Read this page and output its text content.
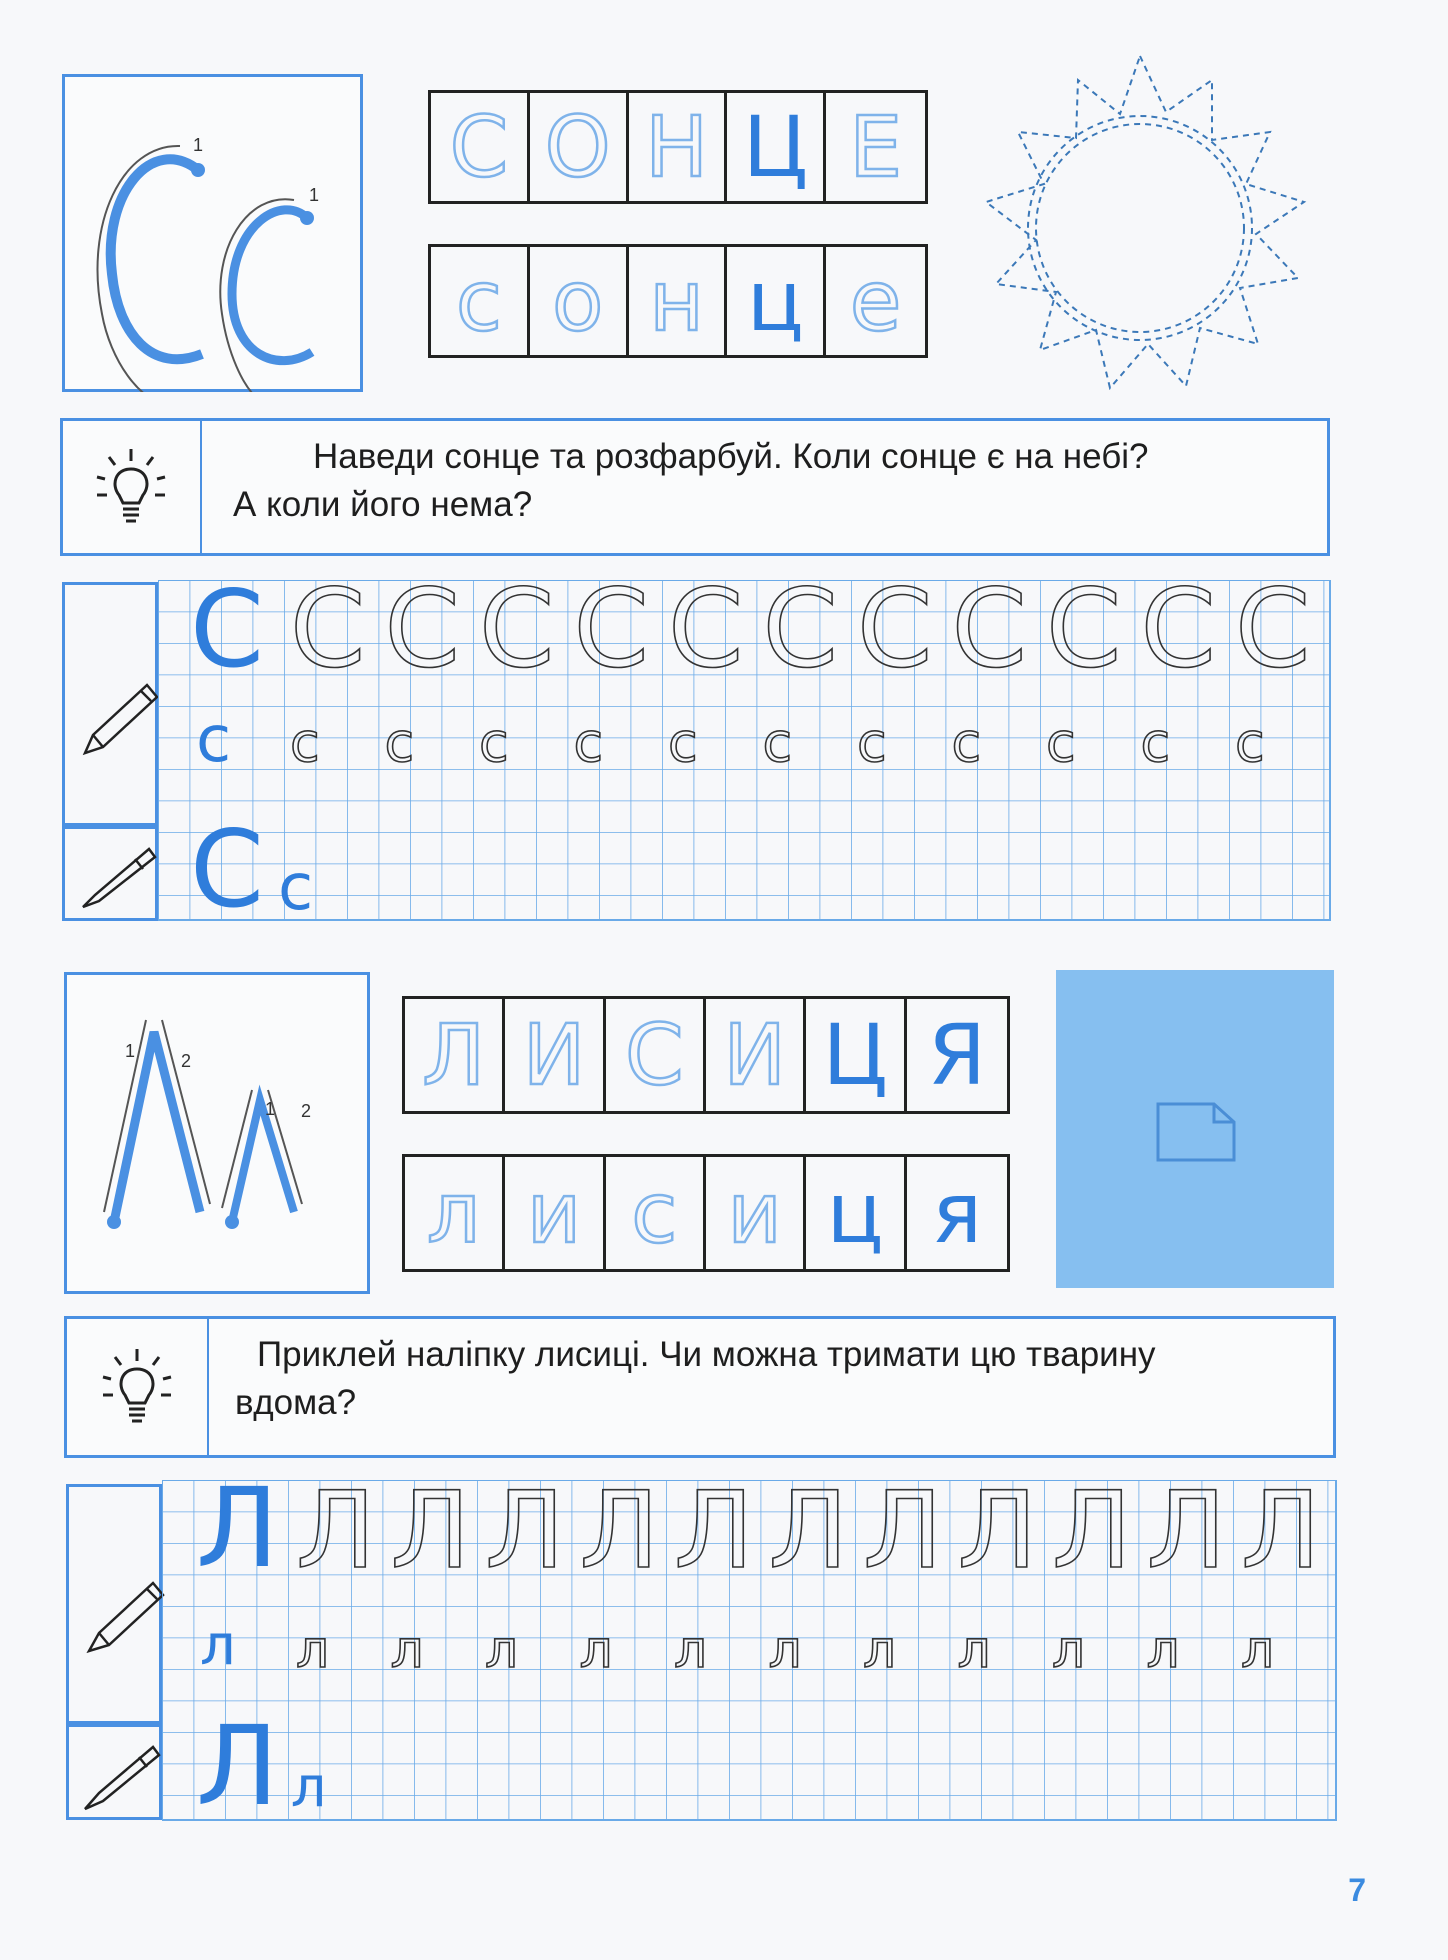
1
1 С О Н Ц Е
с о н ц е
Наведи сонце та розфарбуй. Коли сонце є на небі?
А коли його нема?
С
с
С с
С С С С С С С С С С С
с с с с с с с с с с с
1	2
1 2
Л И С И Ц Я
л и с и ц я
Приклей наліпку лисиці. Чи можна тримати цю тварину
вдома?
Л
л
Л л
Л Л Л Л Л Л Л Л Л Л Л
л л л л л л л л л л л
7
